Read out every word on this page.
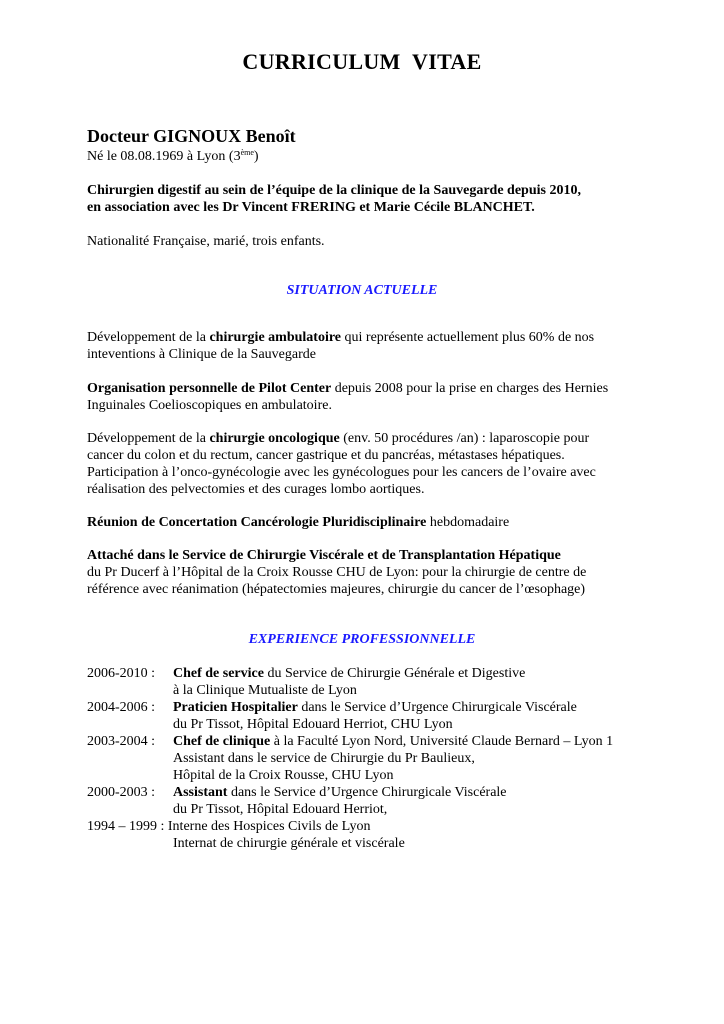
CURRICULUM VITAE
Docteur GIGNOUX Benoît
Né le 08.08.1969 à Lyon (3ème)
Chirurgien digestif au sein de l’équipe de la clinique de la Sauvegarde depuis 2010,
en association avec les Dr Vincent FRERING et Marie Cécile BLANCHET.
Nationalité Française, marié, trois enfants.
SITUATION ACTUELLE
Développement de la chirurgie ambulatoire qui représente actuellement plus 60% de nos
inteventions à Clinique de la Sauvegarde
Organisation personnelle de Pilot Center depuis 2008 pour la prise en charges des Hernies
Inguinales Coelioscopiques en ambulatoire.
Développement de la chirurgie oncologique (env. 50 procédures /an) : laparoscopie pour
cancer du colon et du rectum, cancer gastrique et du pancréas, métastases hépatiques.
Participation à l’onco-gynécologie avec les gynécologues pour les cancers de l’ovaire avec
réalisation des pelvectomies et des curages lombo aortiques.
Réunion de Concertation Cancérologie Pluridisciplinaire hebdomadaire
Attaché dans le Service de Chirurgie Viscérale et de Transplantation Hépatique
du Pr Ducerf à l’Hôpital de la Croix Rousse CHU de Lyon: pour la chirurgie de centre de
référence avec réanimation (hépatectomies majeures, chirurgie du cancer de l’œsophage)
EXPERIENCE PROFESSIONNELLE
2006-2010 :	Chef de service du Service de Chirurgie Générale et Digestive
à la Clinique Mutualiste de Lyon
2004-2006 :	Praticien Hospitalier dans le Service d’Urgence Chirurgicale Viscérale
du Pr Tissot, Hôpital Edouard Herriot, CHU Lyon
2003-2004 :	Chef de clinique à la Faculté Lyon Nord, Université Claude Bernard – Lyon 1
Assistant dans le service de Chirurgie du Pr Baulieux,
Hôpital de la Croix Rousse, CHU Lyon
2000-2003 :	Assistant dans le Service d’Urgence Chirurgicale Viscérale
du Pr Tissot, Hôpital Edouard Herriot,
1994 – 1999 : Interne des Hospices Civils de Lyon
Internat de chirurgie générale et viscérale
